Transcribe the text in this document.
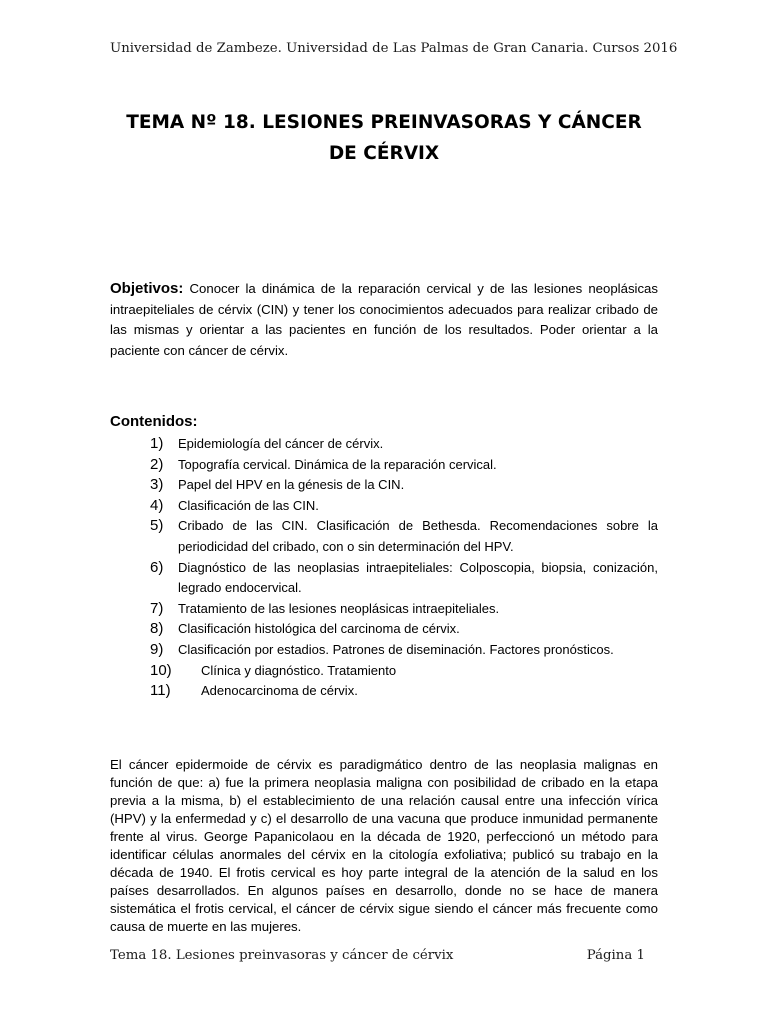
Universidad de Zambeze. Universidad de Las Palmas de Gran Canaria. Cursos 2016
TEMA Nº 18. LESIONES PREINVASORAS Y CÁNCER
DE CÉRVIX
Objetivos: Conocer la dinámica de la reparación cervical y de las lesiones neoplásicas intraepiteliales de cérvix (CIN) y tener los conocimientos adecuados para realizar cribado de las mismas y orientar a las pacientes en función de los resultados. Poder orientar a la paciente con cáncer de cérvix.
Contenidos:
1)	Epidemiología del cáncer de cérvix.
2)	Topografía cervical. Dinámica de la reparación cervical.
3)	Papel del HPV en la génesis de la CIN.
4)	Clasificación de las CIN.
5)	Cribado de las CIN. Clasificación de Bethesda. Recomendaciones sobre la periodicidad del cribado, con o sin determinación del HPV.
6)	Diagnóstico de las neoplasias intraepiteliales: Colposcopia, biopsia, conización, legrado endocervical.
7)	Tratamiento de las lesiones neoplásicas intraepiteliales.
8)	Clasificación histológica del carcinoma de cérvix.
9)	Clasificación por estadios. Patrones de diseminación. Factores pronósticos.
10)	Clínica y diagnóstico. Tratamiento
11)	Adenocarcinoma de cérvix.
El cáncer epidermoide de cérvix es paradigmático dentro de las neoplasia malignas en función de que: a) fue la primera neoplasia maligna con posibilidad de cribado en la etapa previa a la misma, b) el establecimiento de una relación causal entre una infección vírica (HPV) y la enfermedad y c) el desarrollo de una vacuna que produce inmunidad permanente frente al virus. George Papanicolaou en la década de 1920, perfeccionó un método para identificar células anormales del cérvix en la citología exfoliativa; publicó su trabajo en la década de 1940. El frotis cervical es hoy parte integral de la atención de la salud en los países desarrollados. En algunos países en desarrollo, donde no se hace de manera sistemática el frotis cervical, el cáncer de cérvix sigue siendo el cáncer más frecuente como causa de muerte en las mujeres.
Tema 18. Lesiones preinvasoras y cáncer de cérvix	Página 1
